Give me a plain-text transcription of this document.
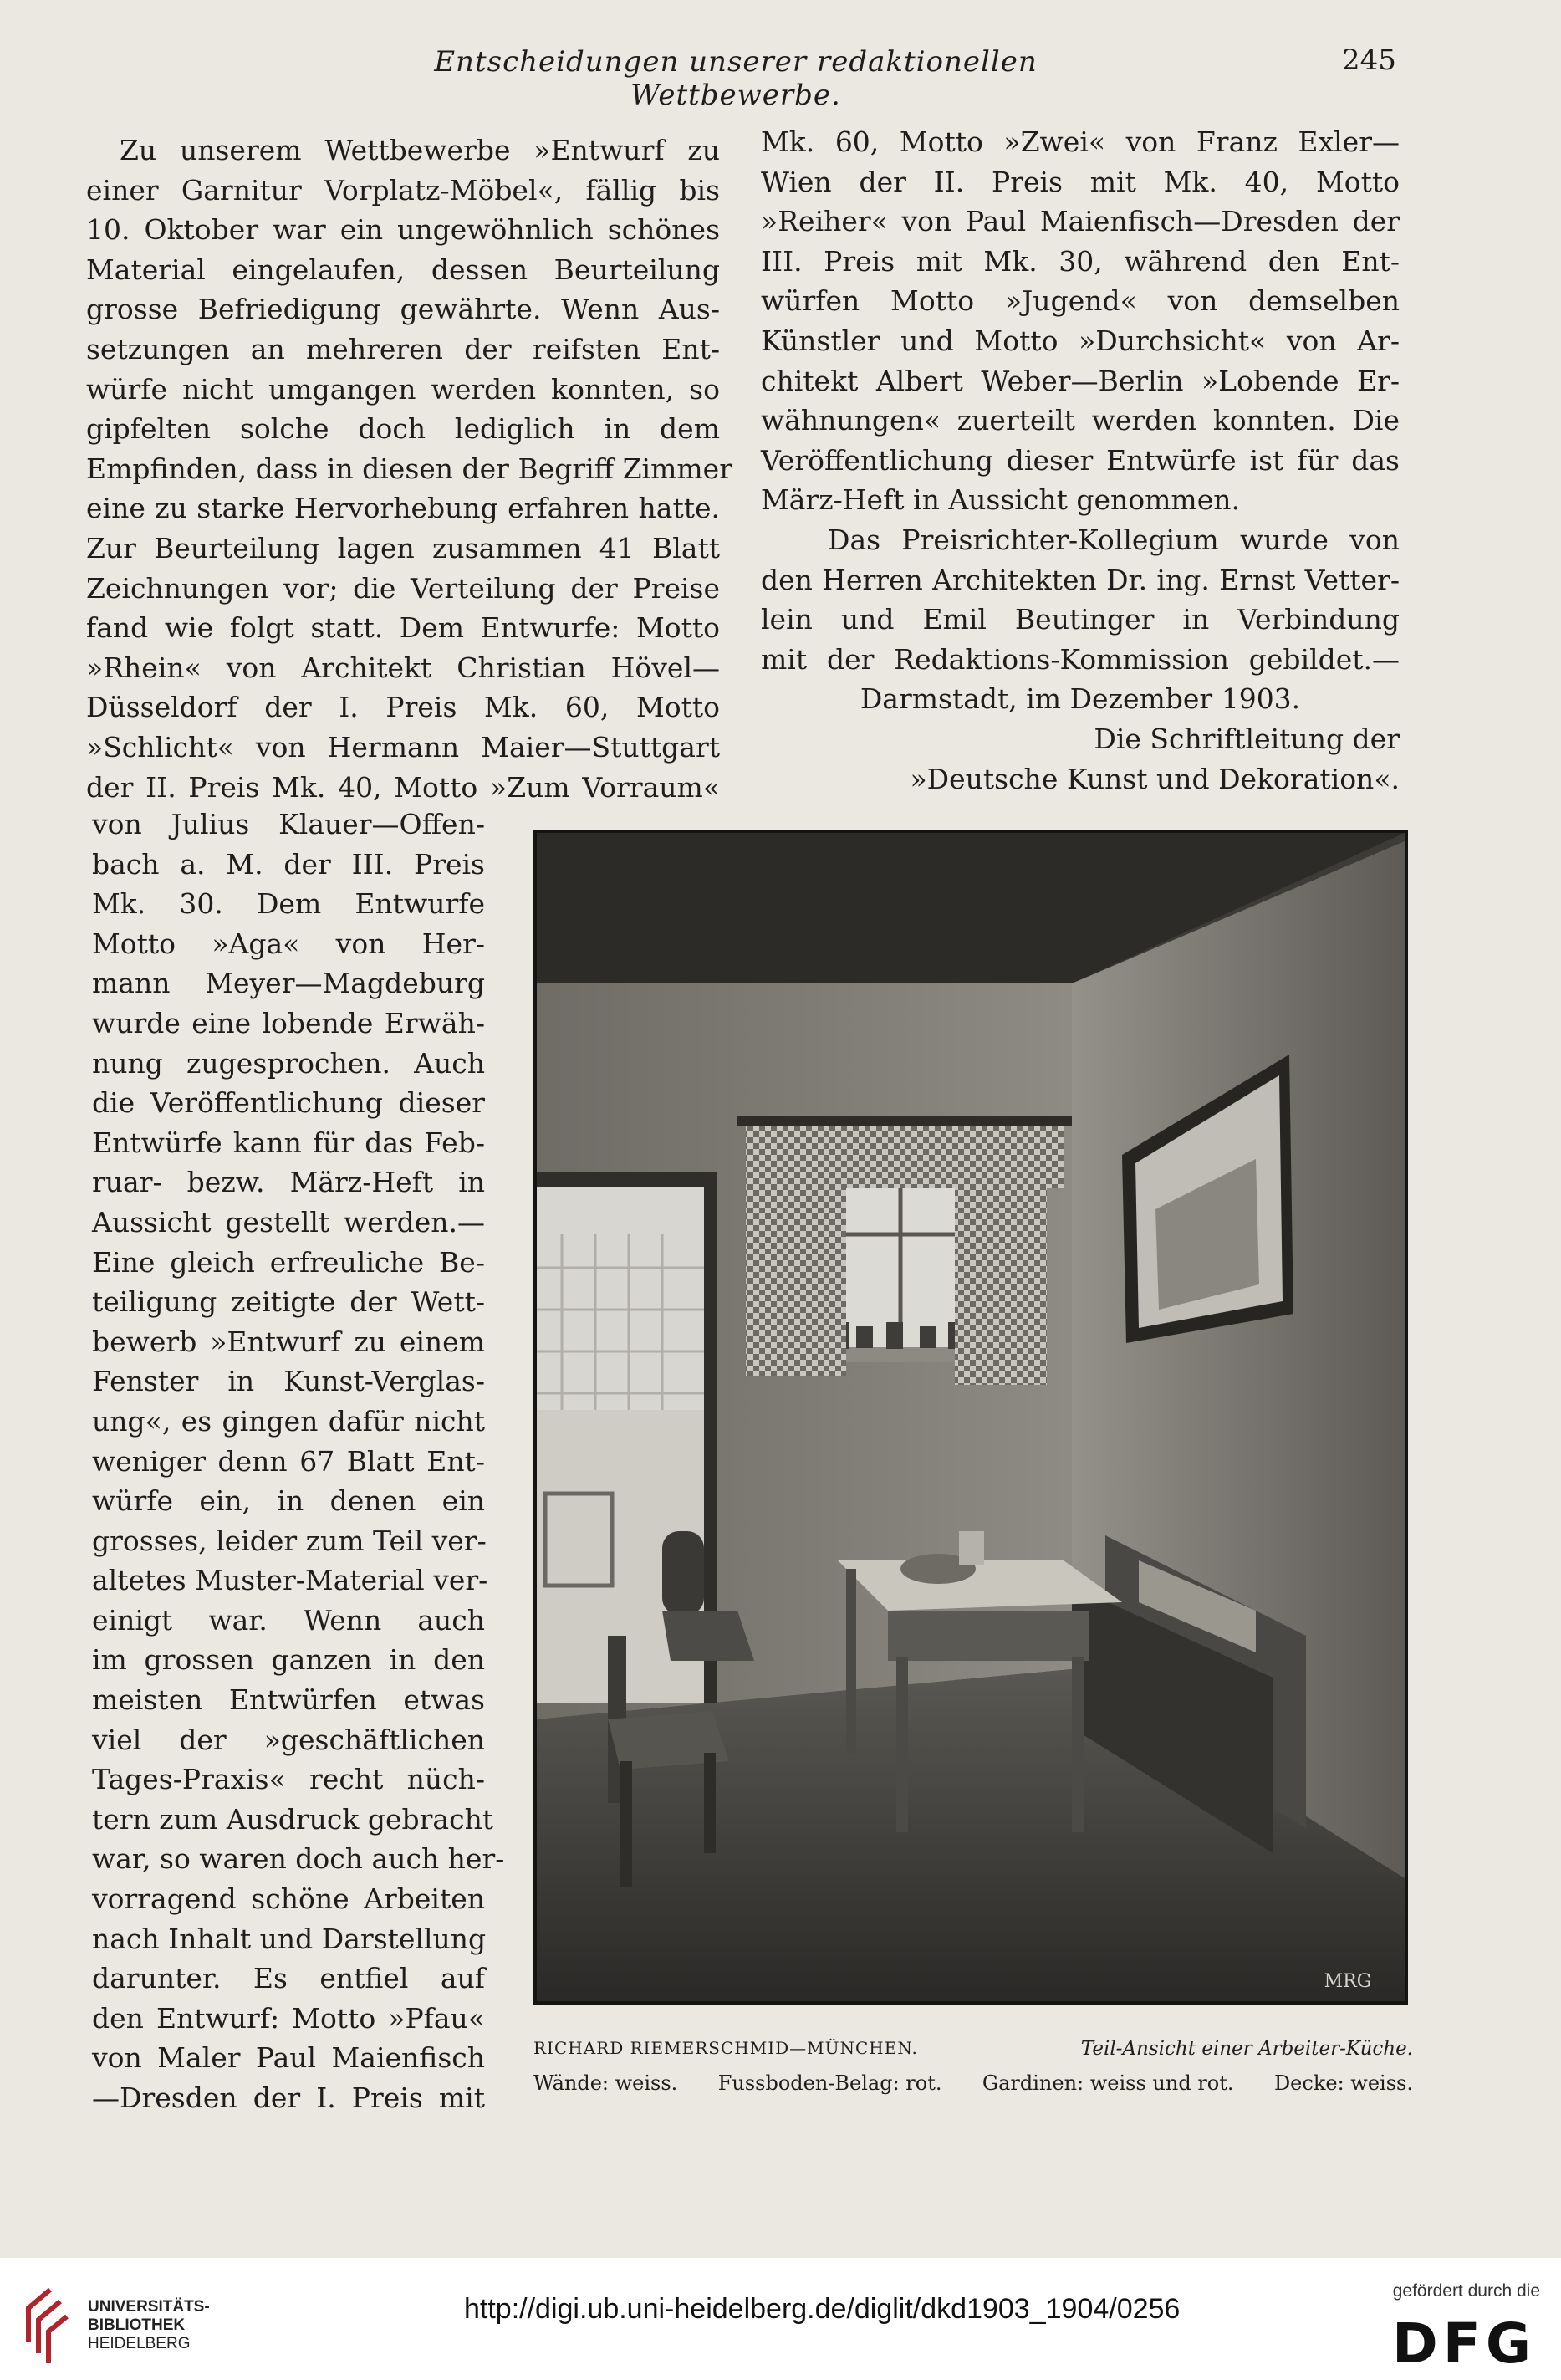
Entscheidungen unserer redaktionellen Wettbewerbe.
245
Zu unserem Wettbewerbe »Entwurf zu
einer Garnitur Vorplatz-Möbel«, fällig bis
10. Oktober war ein ungewöhnlich schönes
Material eingelaufen, dessen Beurteilung
grosse Befriedigung gewährte. Wenn Aus-
setzungen an mehreren der reifsten Ent-
würfe nicht umgangen werden konnten, so
gipfelten solche doch lediglich in dem
Empfinden, dass in diesen der Begriff Zimmer
eine zu starke Hervorhebung erfahren hatte.
Zur Beurteilung lagen zusammen 41 Blatt
Zeichnungen vor; die Verteilung der Preise
fand wie folgt statt. Dem Entwurfe: Motto
»Rhein« von Architekt Christian Hövel—
Düsseldorf der I. Preis Mk. 60, Motto
»Schlicht« von Hermann Maier—Stuttgart
der II. Preis Mk. 40, Motto »Zum Vorraum«
von Julius Klauer—Offen-
bach a. M. der III. Preis
Mk. 30. Dem Entwurfe
Motto »Aga« von Her-
mann Meyer—Magdeburg
wurde eine lobende Erwäh-
nung zugesprochen. Auch
die Veröffentlichung dieser
Entwürfe kann für das Feb-
ruar- bezw. März-Heft in
Aussicht gestellt werden.—
Eine gleich erfreuliche Be-
teiligung zeitigte der Wett-
bewerb »Entwurf zu einem
Fenster in Kunst-Verglas-
ung«, es gingen dafür nicht
weniger denn 67 Blatt Ent-
würfe ein, in denen ein
grosses, leider zum Teil ver-
altetes Muster-Material ver-
einigt war. Wenn auch
im grossen ganzen in den
meisten Entwürfen etwas
viel der »geschäftlichen
Tages-Praxis« recht nüch-
tern zum Ausdruck gebracht
war, so waren doch auch her-
vorragend schöne Arbeiten
nach Inhalt und Darstellung
darunter. Es entfiel auf
den Entwurf: Motto »Pfau«
von Maler Paul Maienfisch
—Dresden der I. Preis mit
Mk. 60, Motto »Zwei« von Franz Exler—
Wien der II. Preis mit Mk. 40, Motto
»Reiher« von Paul Maienfisch—Dresden der
III. Preis mit Mk. 30, während den Ent-
würfen Motto »Jugend« von demselben
Künstler und Motto »Durchsicht« von Ar-
chitekt Albert Weber—Berlin »Lobende Er-
wähnungen« zuerteilt werden konnten. Die
Veröffentlichung dieser Entwürfe ist für das
März-Heft in Aussicht genommen.
Das Preisrichter-Kollegium wurde von
den Herren Architekten Dr. ing. Ernst Vetter-
lein und Emil Beutinger in Verbindung
mit der Redaktions-Kommission gebildet.—
Darmstadt, im Dezember 1903.
Die Schriftleitung der
»Deutsche Kunst und Dekoration«.
MRG
RICHARD RIEMERSCHMID—MÜNCHEN.	Teil-Ansicht einer Arbeiter-Küche.
Wände: weiss. Fussboden-Belag: rot. Gardinen: weiss und rot. Decke: weiss.
UNIVERSITÄTS-
BIBLIOTHEK
HEIDELBERG
http://digi.ub.uni-heidelberg.de/diglit/dkd1903_1904/0256
gefördert durch die
DFG
